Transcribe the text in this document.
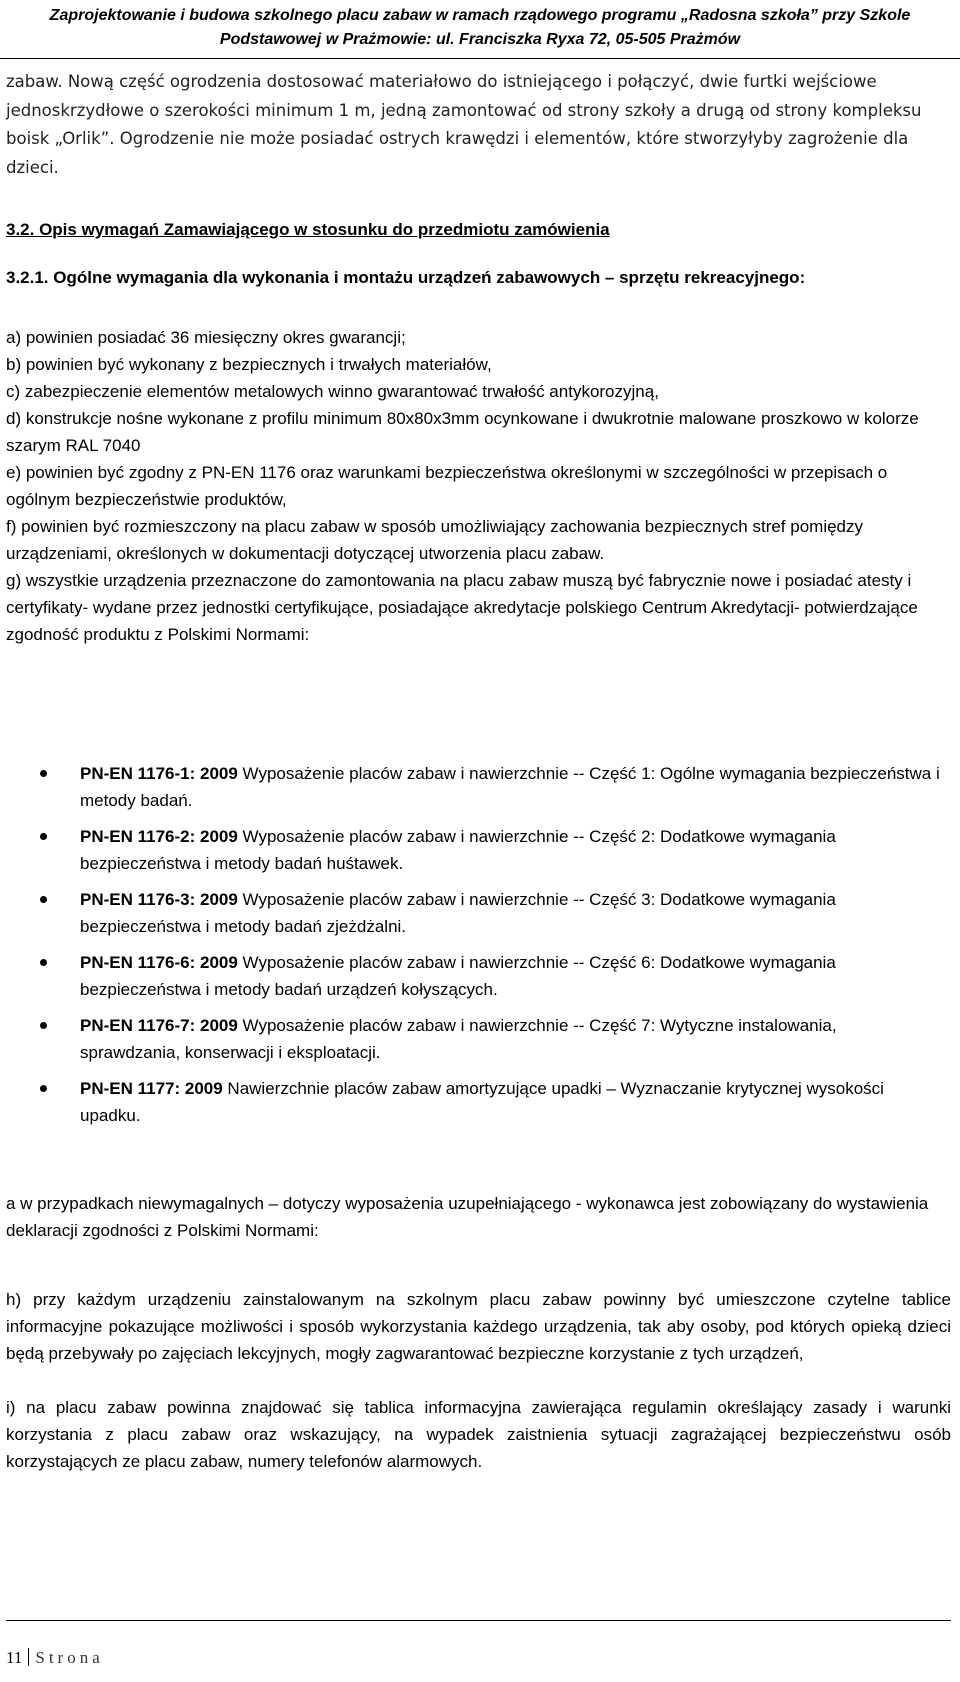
Zaprojektowanie i budowa szkolnego placu zabaw w ramach rządowego programu „Radosna szkoła” przy Szkole
Podstawowej w Prażmowie: ul. Franciszka Ryxa 72, 05-505 Prażmów

zabaw. Nową część ogrodzenia dostosować materiałowo do istniejącego i połączyć, dwie furtki wejściowe jednoskrzydłowe o szerokości minimum 1 m, jedną zamontować od strony szkoły a drugą od strony kompleksu boisk „Orlik”. Ogrodzenie nie może posiadać ostrych krawędzi i elementów, które stworzyłyby zagrożenie dla dzieci.

3.2. Opis wymagań Zamawiającego w stosunku do przedmiotu zamówienia

3.2.1. Ogólne wymagania dla wykonania i montażu urządzeń zabawowych – sprzętu rekreacyjnego:

a) powinien posiadać 36 miesięczny okres gwarancji;
b) powinien być wykonany z bezpiecznych i trwałych materiałów,
c) zabezpieczenie elementów metalowych winno gwarantować trwałość antykorozyjną,
d) konstrukcje nośne wykonane z profilu minimum 80x80x3mm ocynkowane i dwukrotnie malowane proszkowo w kolorze szarym RAL 7040
e) powinien być zgodny z PN-EN 1176 oraz warunkami bezpieczeństwa określonymi w szczególności w przepisach o ogólnym bezpieczeństwie produktów,
f) powinien być rozmieszczony na placu zabaw w sposób umożliwiający zachowania bezpiecznych stref pomiędzy urządzeniami, określonych w dokumentacji dotyczącej utworzenia placu zabaw.
g) wszystkie urządzenia przeznaczone do zamontowania na placu zabaw muszą być fabrycznie nowe i posiadać atesty i certyfikaty- wydane przez jednostki certyfikujące, posiadające akredytacje polskiego Centrum Akredytacji- potwierdzające zgodność produktu z Polskimi Normami:
PN-EN 1176-1: 2009 Wyposażenie placów zabaw i nawierzchnie -- Część 1: Ogólne wymagania bezpieczeństwa i metody badań.
PN-EN 1176-2: 2009 Wyposażenie placów zabaw i nawierzchnie -- Część 2: Dodatkowe wymagania bezpieczeństwa i metody badań huśtawek.
PN-EN 1176-3: 2009 Wyposażenie placów zabaw i nawierzchnie -- Część 3: Dodatkowe wymagania bezpieczeństwa i metody badań zjeżdżalni.
PN-EN 1176-6: 2009 Wyposażenie placów zabaw i nawierzchnie -- Część 6: Dodatkowe wymagania bezpieczeństwa i metody badań urządzeń kołyszących.
PN-EN 1176-7: 2009 Wyposażenie placów zabaw i nawierzchnie -- Część 7: Wytyczne instalowania, sprawdzania, konserwacji i eksploatacji.
PN-EN 1177: 2009 Nawierzchnie placów zabaw amortyzujące upadki – Wyznaczanie krytycznej wysokości upadku.

a w przypadkach niewymagalnych – dotyczy wyposażenia uzupełniającego - wykonawca jest zobowiązany do wystawienia deklaracji zgodności z Polskimi Normami:

h) przy każdym urządzeniu zainstalowanym na szkolnym placu zabaw powinny być umieszczone czytelne tablice informacyjne pokazujące możliwości i sposób wykorzystania każdego urządzenia, tak aby osoby, pod których opieką dzieci będą przebywały po zajęciach lekcyjnych, mogły zagwarantować bezpieczne korzystanie z tych urządzeń,

i) na placu zabaw powinna znajdować się tablica informacyjna zawierająca regulamin określający zasady i warunki korzystania z placu zabaw oraz wskazujący, na wypadek zaistnienia sytuacji zagrażającej bezpieczeństwu osób korzystających ze placu zabaw, numery telefonów alarmowych.

11 Strona
